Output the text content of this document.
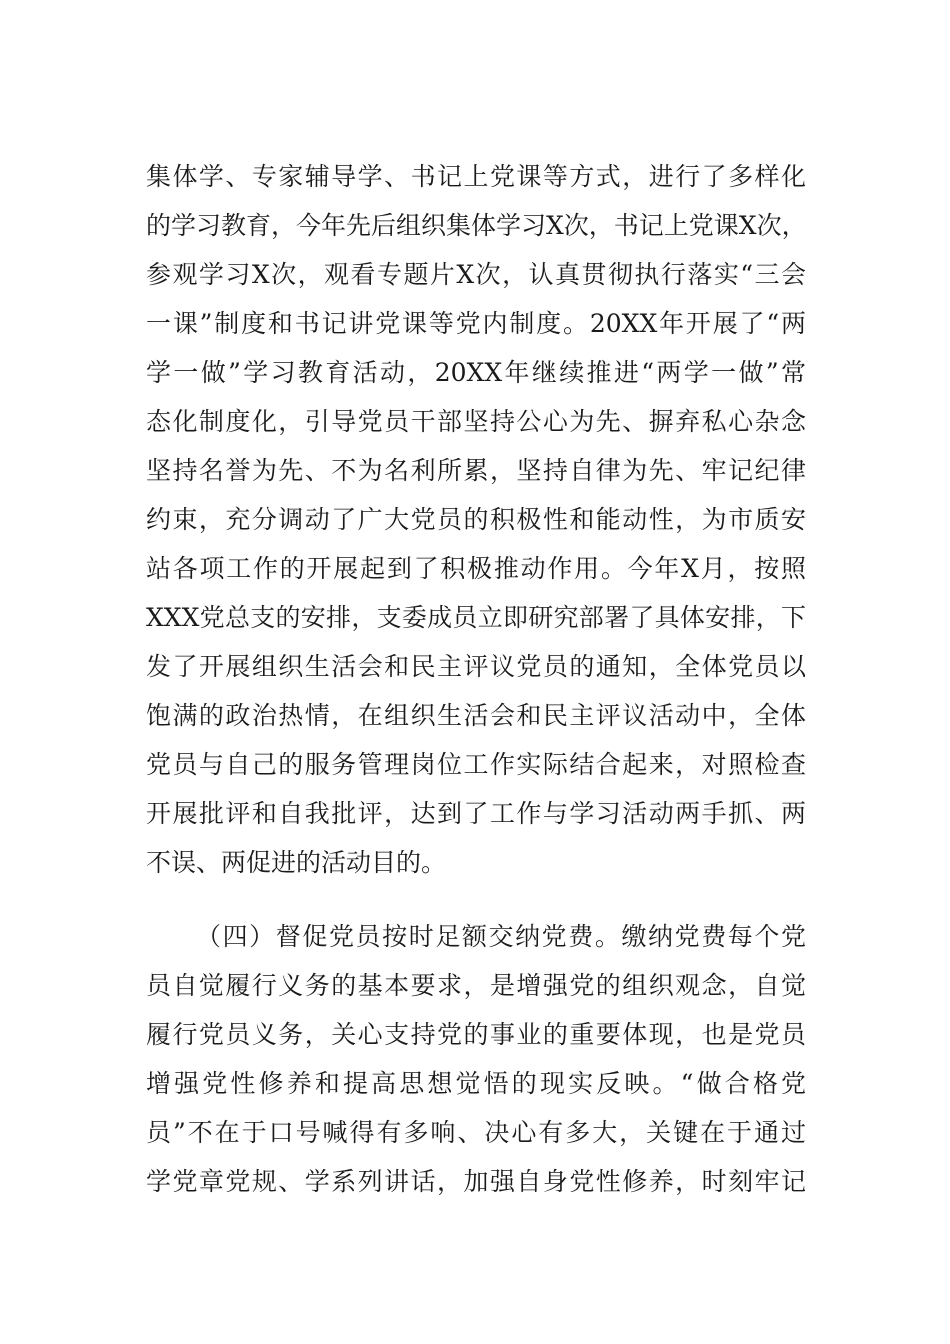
集体学、专家辅导学、书记上党课等方式，进行了多样化
的学习教育，今年先后组织集体学习X次，书记上党课X次，
参观学习X次，观看专题片X次，认真贯彻执行落实“三会
一课”制度和书记讲党课等党内制度。20XX年开展了“两
学一做”学习教育活动，20XX年继续推进“两学一做”常
态化制度化，引导党员干部坚持公心为先、摒弃私心杂念
坚持名誉为先、不为名利所累，坚持自律为先、牢记纪律
约束，充分调动了广大党员的积极性和能动性，为市质安
站各项工作的开展起到了积极推动作用。今年X月，按照
XXX党总支的安排，支委成员立即研究部署了具体安排，下
发了开展组织生活会和民主评议党员的通知，全体党员以
饱满的政治热情，在组织生活会和民主评议活动中，全体
党员与自己的服务管理岗位工作实际结合起来，对照检查
开展批评和自我批评，达到了工作与学习活动两手抓、两
不误、两促进的活动目的。
（四）督促党员按时足额交纳党费。缴纳党费每个党
员自觉履行义务的基本要求，是增强党的组织观念，自觉
履行党员义务，关心支持党的事业的重要体现，也是党员
增强党性修养和提高思想觉悟的现实反映。“做合格党
员”不在于口号喊得有多响、决心有多大，关键在于通过
学党章党规、学系列讲话，加强自身党性修养，时刻牢记
